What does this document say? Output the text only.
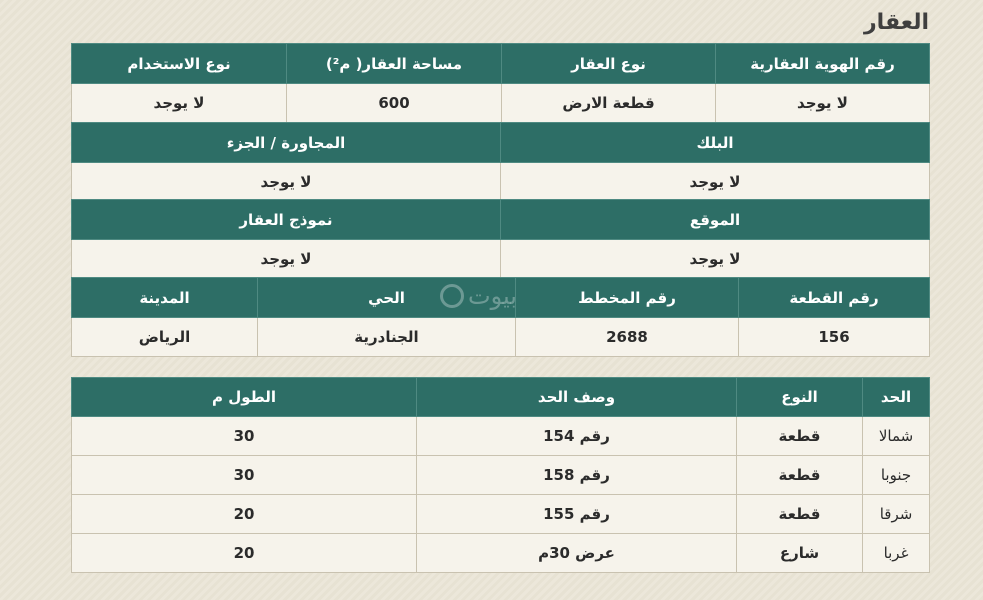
العقار
رقم الهوية العقارية	نوع العقار	مساحة العقار( م²)	نوع الاستخدام
لا يوجد	قطعة الارض	600	لا يوجد
البلك	المجاورة / الجزء
لا يوجد	لا يوجد
الموقع	نموذج العقار
لا يوجد	لا يوجد
رقم القطعة	رقم المخطط	الحي	المدينة
156	2688	الجنادرية	الرياض
بيوت
الحد	النوع	وصف الحد	الطول م
شمالا	قطعة	رقم 154	30
جنوبا	قطعة	رقم 158	30
شرقا	قطعة	رقم 155	20
غربا	شارع	عرض 30م	20
